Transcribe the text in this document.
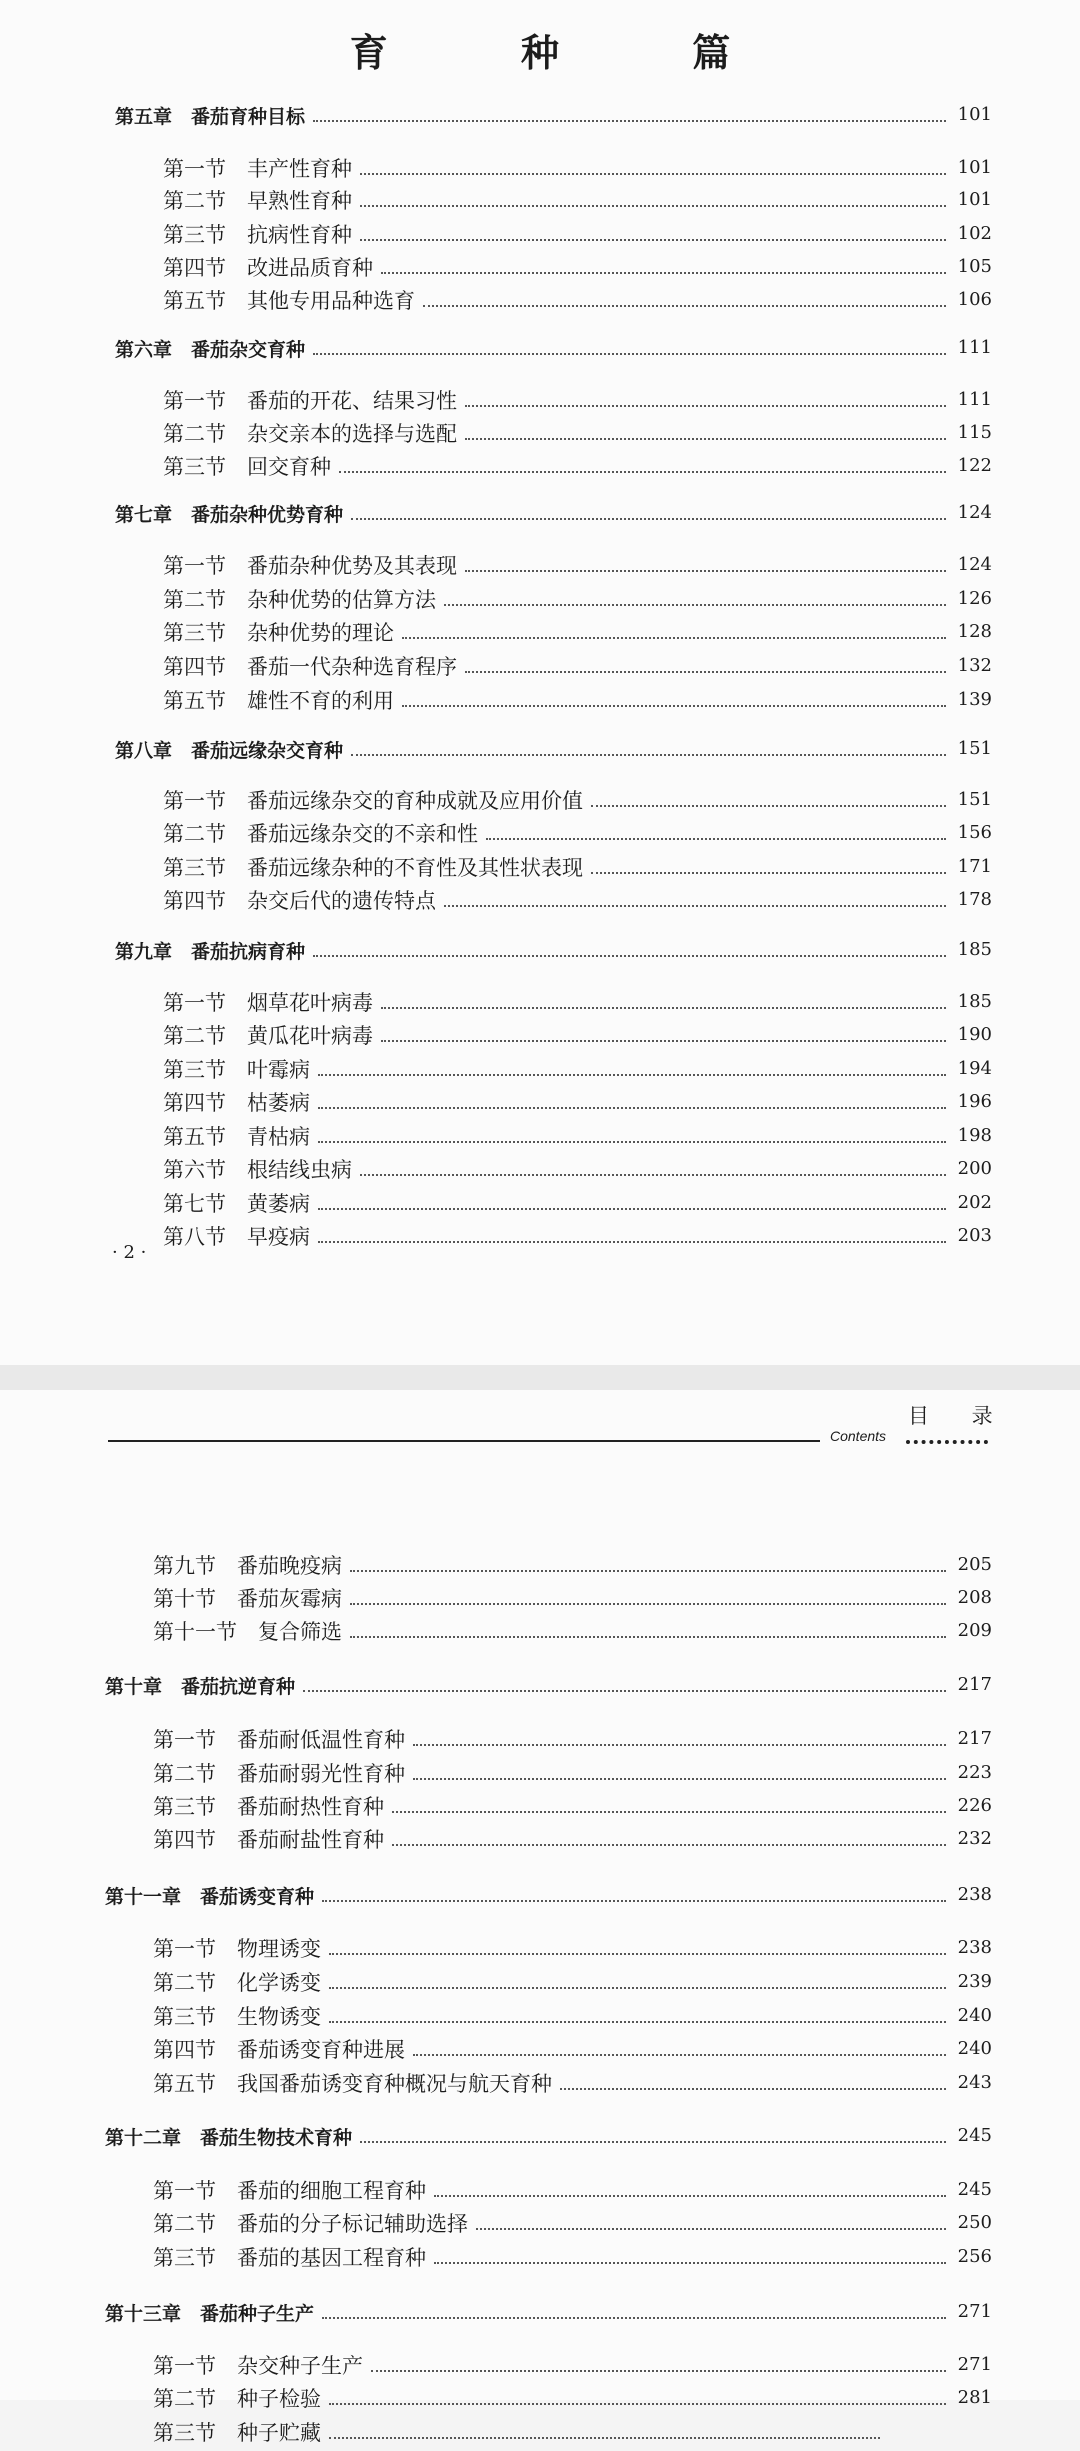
育 种 篇
第五章　番茄育种目标	101
第一节　丰产性育种	101
第二节　早熟性育种	101
第三节　抗病性育种	102
第四节　改进品质育种	105
第五节　其他专用品种选育	106
第六章　番茄杂交育种	111
第一节　番茄的开花、结果习性	111
第二节　杂交亲本的选择与选配	115
第三节　回交育种	122
第七章　番茄杂种优势育种	124
第一节　番茄杂种优势及其表现	124
第二节　杂种优势的估算方法	126
第三节　杂种优势的理论	128
第四节　番茄一代杂种选育程序	132
第五节　雄性不育的利用	139
第八章　番茄远缘杂交育种	151
第一节　番茄远缘杂交的育种成就及应用价值	151
第二节　番茄远缘杂交的不亲和性	156
第三节　番茄远缘杂种的不育性及其性状表现	171
第四节　杂交后代的遗传特点	178
第九章　番茄抗病育种	185
第一节　烟草花叶病毒	185
第二节　黄瓜花叶病毒	190
第三节　叶霉病	194
第四节　枯萎病	196
第五节　青枯病	198
第六节　根结线虫病	200
第七节　黄萎病	202
第八节　早疫病	203
· 2 ·
Contents
目 录
第九节　番茄晚疫病	205
第十节　番茄灰霉病	208
第十一节　复合筛选	209
第十章　番茄抗逆育种	217
第一节　番茄耐低温性育种	217
第二节　番茄耐弱光性育种	223
第三节　番茄耐热性育种	226
第四节　番茄耐盐性育种	232
第十一章　番茄诱变育种	238
第一节　物理诱变	238
第二节　化学诱变	239
第三节　生物诱变	240
第四节　番茄诱变育种进展	240
第五节　我国番茄诱变育种概况与航天育种	243
第十二章　番茄生物技术育种	245
第一节　番茄的细胞工程育种	245
第二节　番茄的分子标记辅助选择	250
第三节　番茄的基因工程育种	256
第十三章　番茄种子生产	271
第一节　杂交种子生产	271
第二节　种子检验	281
第三节　种子贮藏
